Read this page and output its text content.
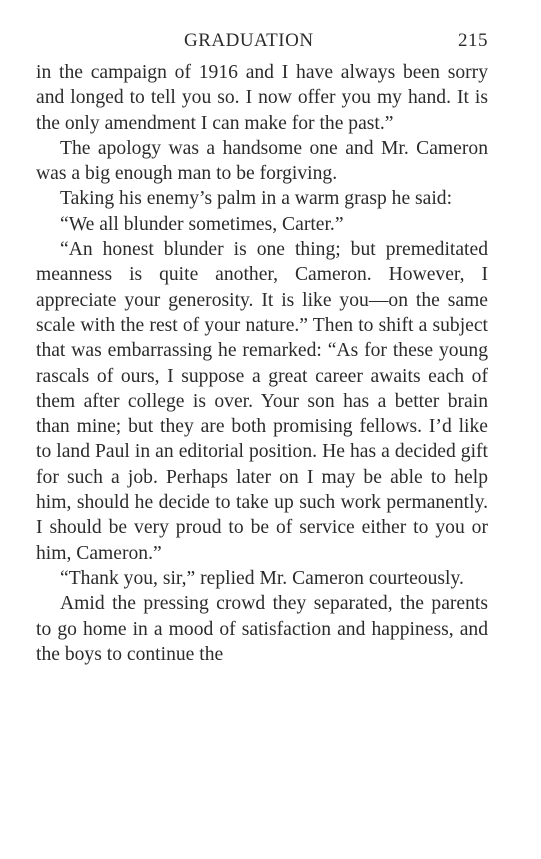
GRADUATION	215

in the campaign of 1916 and I have always been sorry and longed to tell you so. I now offer you my hand. It is the only amendment I can make for the past.”

The apology was a handsome one and Mr. Cameron was a big enough man to be forgiving.

Taking his enemy’s palm in a warm grasp he said:

“We all blunder sometimes, Carter.”

“An honest blunder is one thing; but premeditated meanness is quite another, Cameron. However, I appreciate your generosity. It is like you—on the same scale with the rest of your nature.” Then to shift a subject that was embarrassing he remarked: “As for these young rascals of ours, I suppose a great career awaits each of them after college is over. Your son has a better brain than mine; but they are both promising fellows. I’d like to land Paul in an editorial position. He has a decided gift for such a job. Perhaps later on I may be able to help him, should he decide to take up such work permanently. I should be very proud to be of service either to you or him, Cameron.”

“Thank you, sir,” replied Mr. Cameron courteously.

Amid the pressing crowd they separated, the parents to go home in a mood of satisfaction and happiness, and the boys to continue the
